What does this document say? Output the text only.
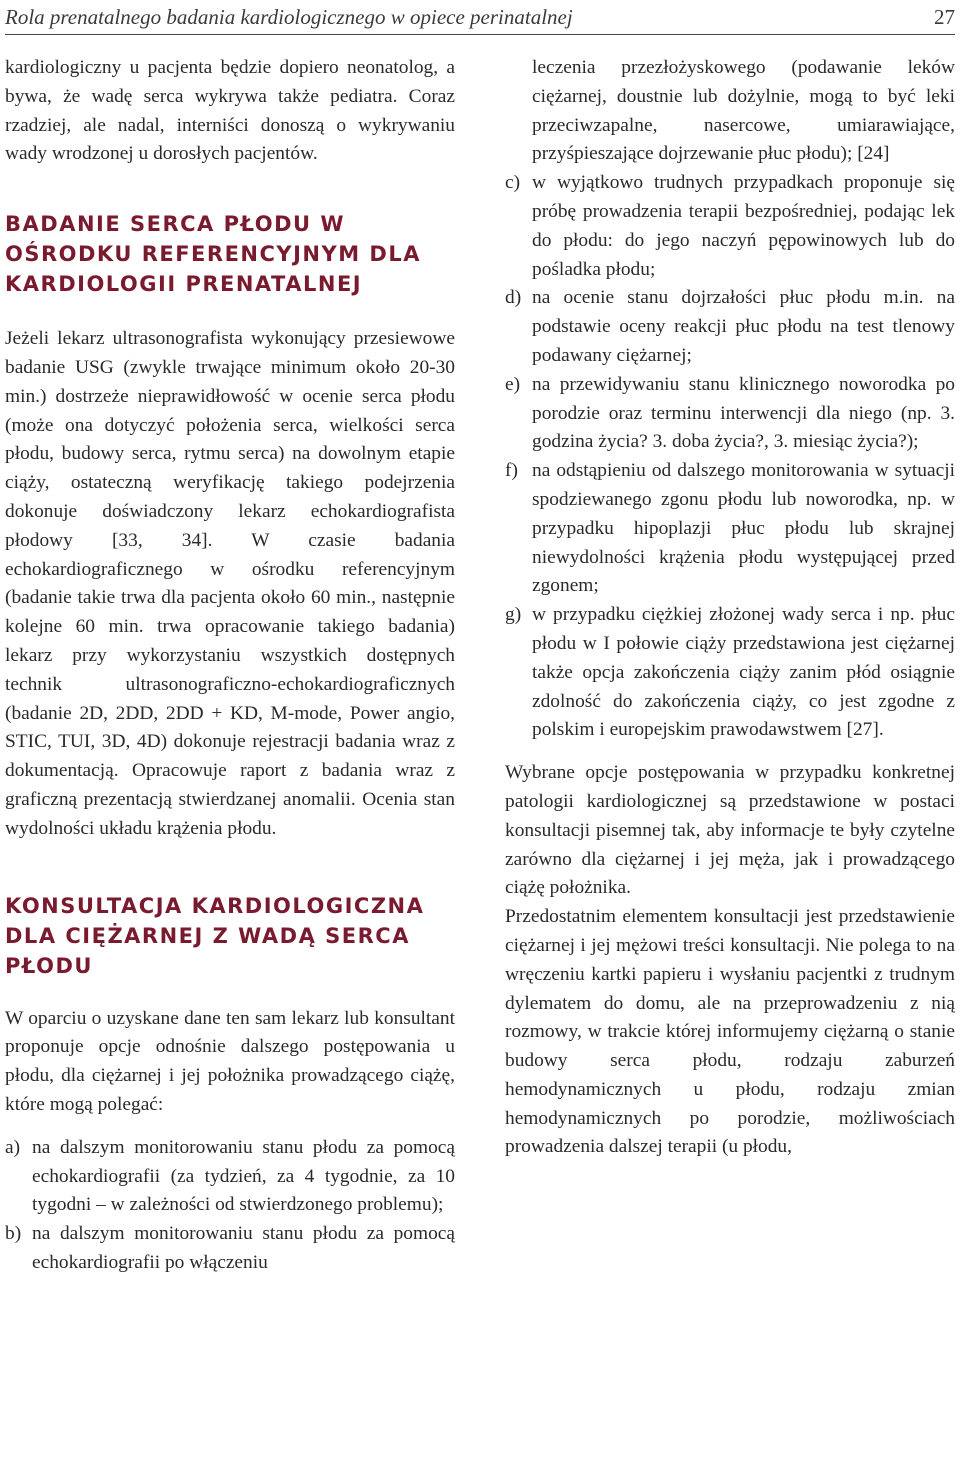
Rola prenatalnego badania kardiologicznego w opiece perinatalnej	27

kardiologiczny u pacjenta będzie dopiero neonatolog, a bywa, że wadę serca wykrywa także pediatra. Coraz rzadziej, ale nadal, interniści donoszą o wykrywaniu wady wrodzonej u dorosłych pacjentów.

BADANIE SERCA PŁODU W OŚRODKU REFERENCYJNYM DLA KARDIOLOGII PRENATALNEJ

Jeżeli lekarz ultrasonografista wykonujący przesiewowe badanie USG (zwykle trwające minimum około 20-30 min.) dostrzeże nieprawidłowość w ocenie serca płodu (może ona dotyczyć położenia serca, wielkości serca płodu, budowy serca, rytmu serca) na dowolnym etapie ciąży, ostateczną weryfikację takiego podejrzenia dokonuje doświadczony lekarz echokardiografista płodowy [33, 34]. W czasie badania echokardiograficznego w ośrodku referencyjnym (badanie takie trwa dla pacjenta około 60 min., następnie kolejne 60 min. trwa opracowanie takiego badania) lekarz przy wykorzystaniu wszystkich dostępnych technik ultrasonograficzno-echokardiograficznych (badanie 2D, 2DD, 2DD + KD, M-mode, Power angio, STIC, TUI, 3D, 4D) dokonuje rejestracji badania wraz z dokumentacją. Opracowuje raport z badania wraz z graficzną prezentacją stwierdzanej anomalii. Ocenia stan wydolności układu krążenia płodu.

KONSULTACJA KARDIOLOGICZNA DLA CIĘŻARNEJ Z WADĄ SERCA PŁODU

W oparciu o uzyskane dane ten sam lekarz lub konsultant proponuje opcje odnośnie dalszego postępowania u płodu, dla ciężarnej i jej położnika prowadzącego ciążę, które mogą polegać:

a) na dalszym monitorowaniu stanu płodu za pomocą echokardiografii (za tydzień, za 4 tygodnie, za 10 tygodni – w zależności od stwierdzonego problemu);
b) na dalszym monitorowaniu stanu płodu za pomocą echokardiografii po włączeniu
leczenia przezłożyskowego (podawanie leków ciężarnej, doustnie lub dożylnie, mogą to być leki przeciwzapalne, nasercowe, umiarawiające, przyśpieszające dojrzewanie płuc płodu); [24]
c) w wyjątkowo trudnych przypadkach proponuje się próbę prowadzenia terapii bezpośredniej, podając lek do płodu: do jego naczyń pępowinowych lub do pośladka płodu;
d) na ocenie stanu dojrzałości płuc płodu m.in. na podstawie oceny reakcji płuc płodu na test tlenowy podawany ciężarnej;
e) na przewidywaniu stanu klinicznego noworodka po porodzie oraz terminu interwencji dla niego (np. 3. godzina życia? 3. doba życia?, 3. miesiąc życia?);
f) na odstąpieniu od dalszego monitorowania w sytuacji spodziewanego zgonu płodu lub noworodka, np. w przypadku hipoplazji płuc płodu lub skrajnej niewydolności krążenia płodu występującej przed zgonem;
g) w przypadku ciężkiej złożonej wady serca i np. płuc płodu w I połowie ciąży przedstawiona jest ciężarnej także opcja zakończenia ciąży zanim płód osiągnie zdolność do zakończenia ciąży, co jest zgodne z polskim i europejskim prawodawstwem [27].

Wybrane opcje postępowania w przypadku konkretnej patologii kardiologicznej są przedstawione w postaci konsultacji pisemnej tak, aby informacje te były czytelne zarówno dla ciężarnej i jej męża, jak i prowadzącego ciążę położnika.

Przedostatnim elementem konsultacji jest przedstawienie ciężarnej i jej mężowi treści konsultacji. Nie polega to na wręczeniu kartki papieru i wysłaniu pacjentki z trudnym dylematem do domu, ale na przeprowadzeniu z nią rozmowy, w trakcie której informujemy ciężarną o stanie budowy serca płodu, rodzaju zaburzeń hemodynamicznych u płodu, rodzaju zmian hemodynamicznych po porodzie, możliwościach prowadzenia dalszej terapii (u płodu,
